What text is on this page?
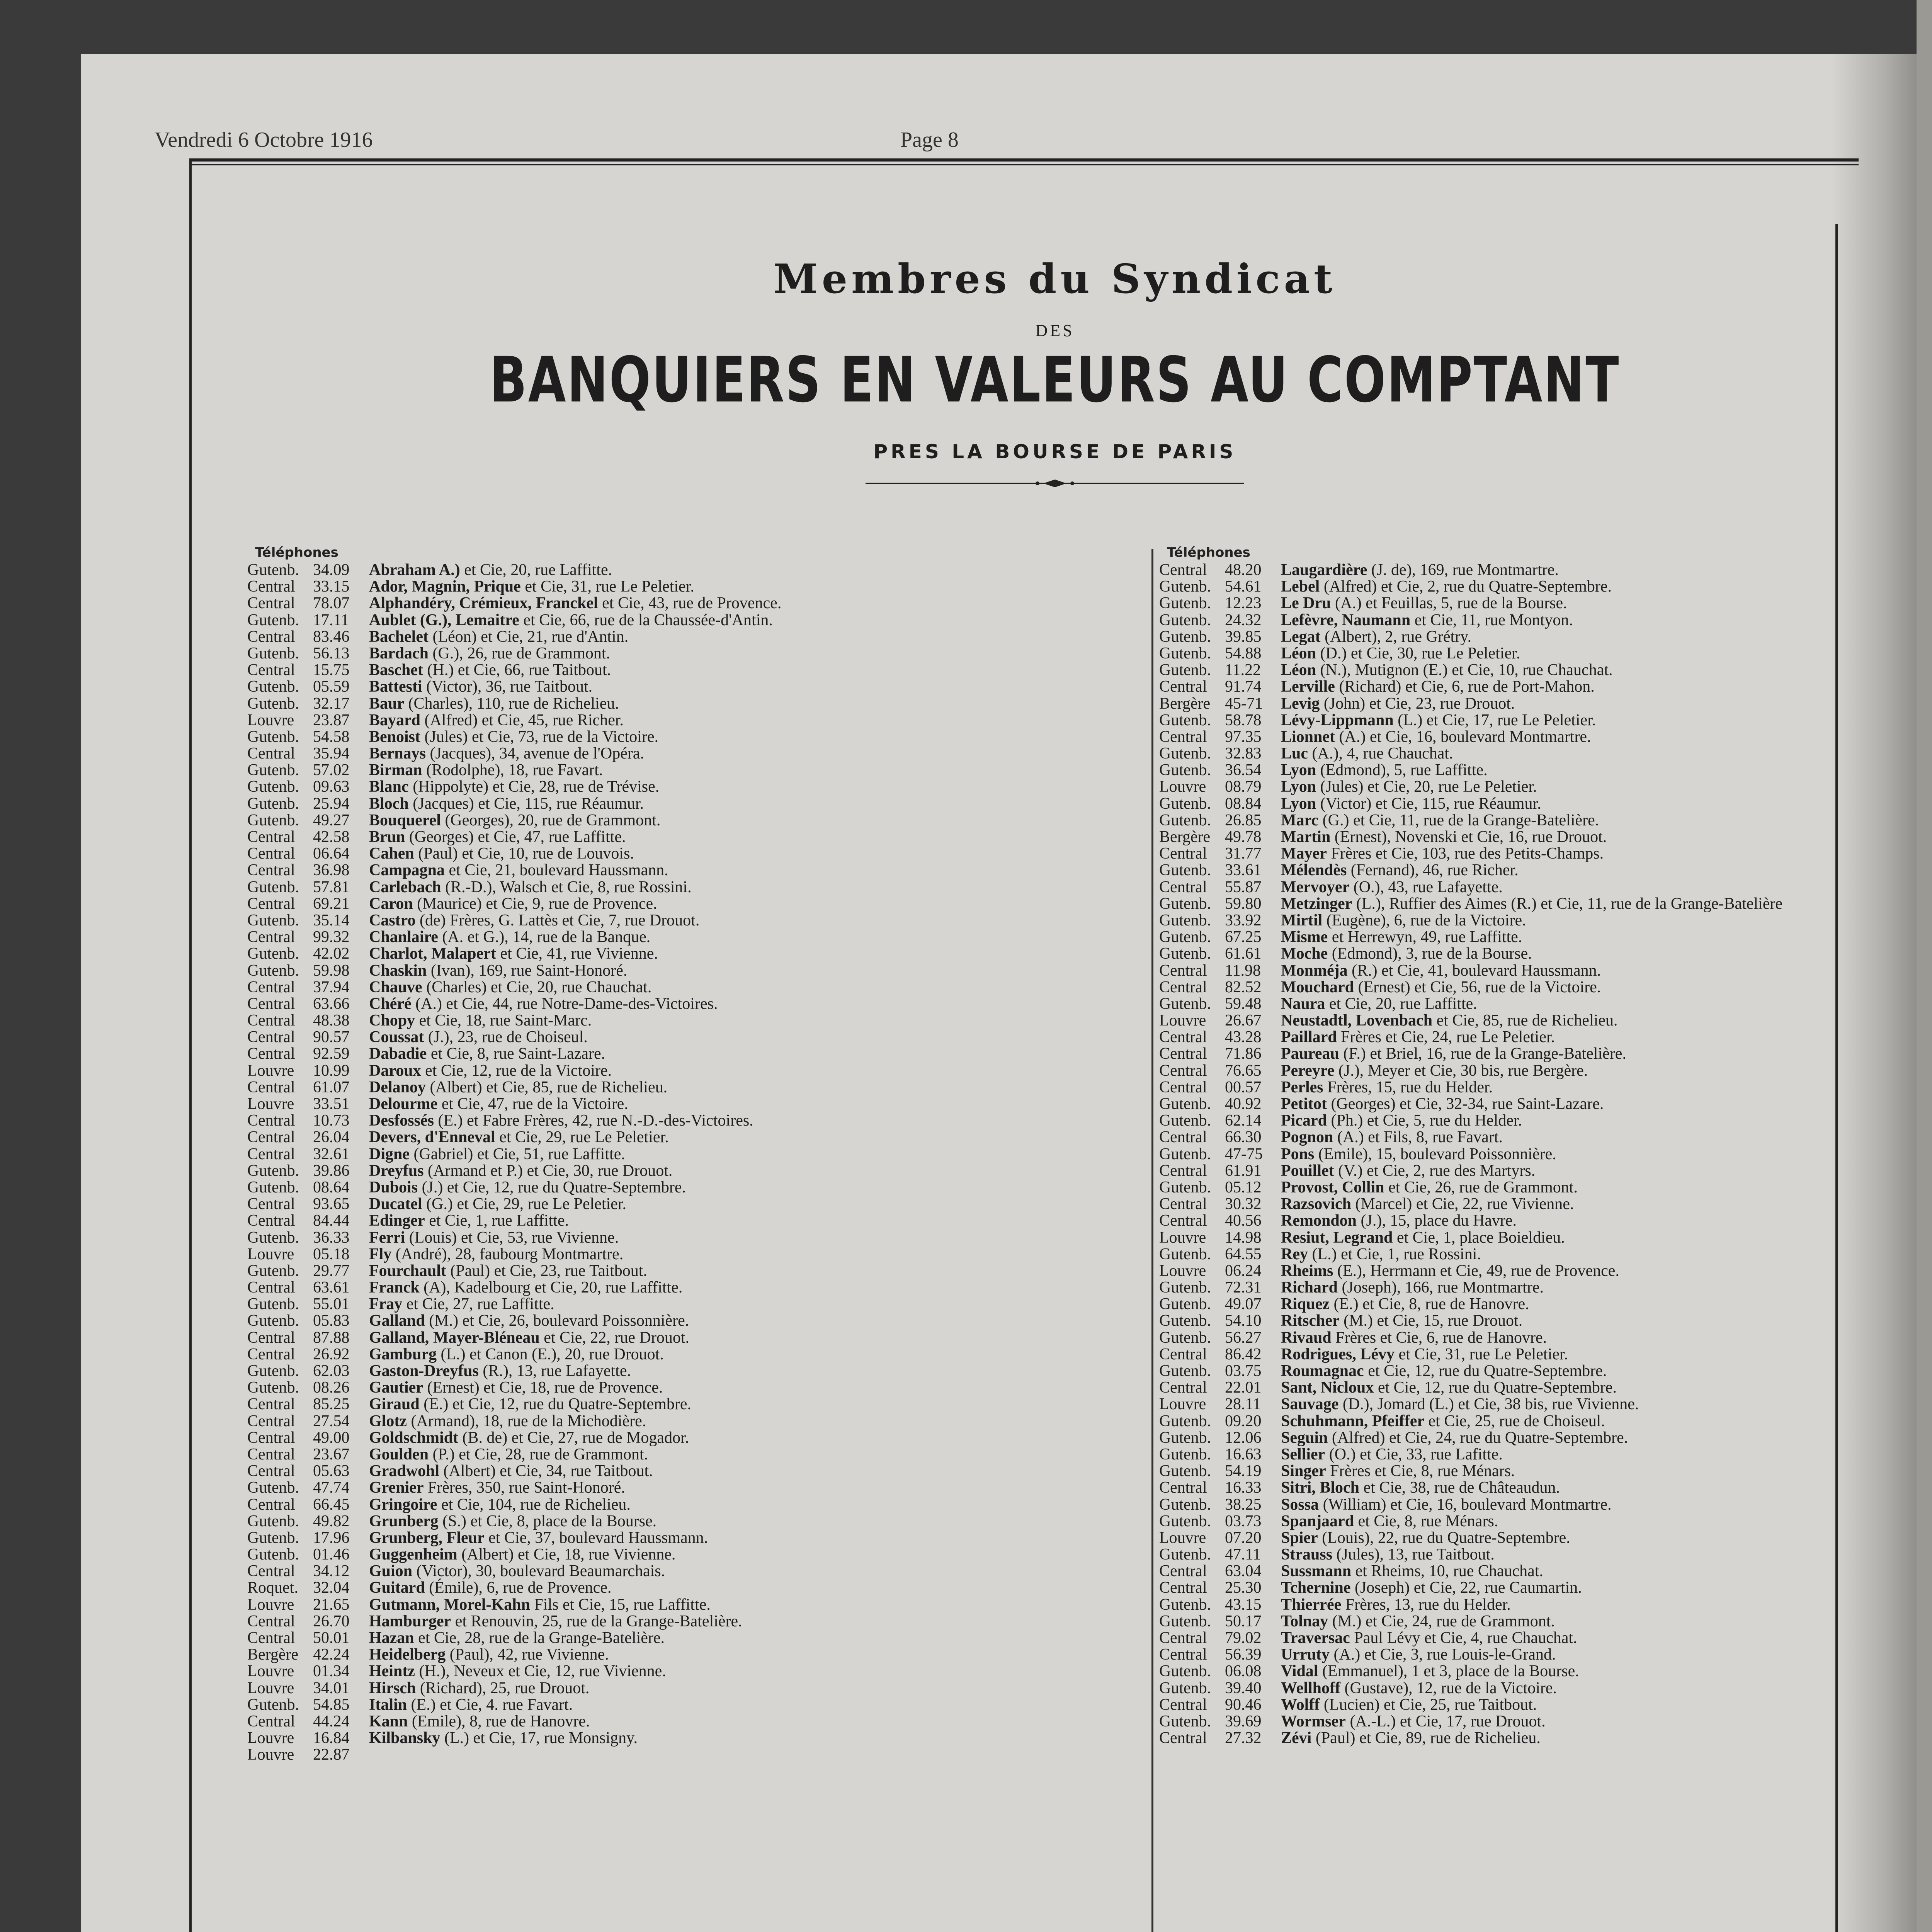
Vendredi 6 Octobre 1916	Page 8
Membres du Syndicat
DES
BANQUIERS EN VALEURS AU COMPTANT
PRES LA BOURSE DE PARIS
Téléphones
Gutenb. 34.09 Abraham A.) et Cie, 20, rue Laffitte.
Central 33.15 Ador, Magnin, Prique et Cie, 31, rue Le Peletier.
Central 78.07 Alphandéry, Crémieux, Franckel et Cie, 43, rue de Provence.
Gutenb. 17.11 Aublet (G.), Lemaitre et Cie, 66, rue de la Chaussée-d'Antin.
Central 83.46 Bachelet (Léon) et Cie, 21, rue d'Antin.
Gutenb. 56.13 Bardach (G.), 26, rue de Grammont.
Central 15.75 Baschet (H.) et Cie, 66, rue Taitbout.
Gutenb. 05.59 Battesti (Victor), 36, rue Taitbout.
Gutenb. 32.17 Baur (Charles), 110, rue de Richelieu.
Louvre 23.87 Bayard (Alfred) et Cie, 45, rue Richer.
Gutenb. 54.58 Benoist (Jules) et Cie, 73, rue de la Victoire.
Central 35.94 Bernays (Jacques), 34, avenue de l'Opéra.
Gutenb. 57.02 Birman (Rodolphe), 18, rue Favart.
Gutenb. 09.63 Blanc (Hippolyte) et Cie, 28, rue de Trévise.
Gutenb. 25.94 Bloch (Jacques) et Cie, 115, rue Réaumur.
Gutenb. 49.27 Bouquerel (Georges), 20, rue de Grammont.
Central 42.58 Brun (Georges) et Cie, 47, rue Laffitte.
Central 06.64 Cahen (Paul) et Cie, 10, rue de Louvois.
Central 36.98 Campagna et Cie, 21, boulevard Haussmann.
Gutenb. 57.81 Carlebach (R.-D.), Walsch et Cie, 8, rue Rossini.
Central 69.21 Caron (Maurice) et Cie, 9, rue de Provence.
Gutenb. 35.14 Castro (de) Frères, G. Lattès et Cie, 7, rue Drouot.
Central 99.32 Chanlaire (A. et G.), 14, rue de la Banque.
Gutenb. 42.02 Charlot, Malapert et Cie, 41, rue Vivienne.
Gutenb. 59.98 Chaskin (Ivan), 169, rue Saint-Honoré.
Central 37.94 Chauve (Charles) et Cie, 20, rue Chauchat.
Central 63.66 Chéré (A.) et Cie, 44, rue Notre-Dame-des-Victoires.
Central 48.38 Chopy et Cie, 18, rue Saint-Marc.
Central 90.57 Coussat (J.), 23, rue de Choiseul.
Central 92.59 Dabadie et Cie, 8, rue Saint-Lazare.
Louvre 10.99 Daroux et Cie, 12, rue de la Victoire.
Central 61.07 Delanoy (Albert) et Cie, 85, rue de Richelieu.
Louvre 33.51 Delourme et Cie, 47, rue de la Victoire.
Central 10.73 Desfossés (E.) et Fabre Frères, 42, rue N.-D.-des-Victoires.
Central 26.04 Devers, d'Enneval et Cie, 29, rue Le Peletier.
Central 32.61 Digne (Gabriel) et Cie, 51, rue Laffitte.
Gutenb. 39.86 Dreyfus (Armand et P.) et Cie, 30, rue Drouot.
Gutenb. 08.64 Dubois (J.) et Cie, 12, rue du Quatre-Septembre.
Central 93.65 Ducatel (G.) et Cie, 29, rue Le Peletier.
Central 84.44 Edinger et Cie, 1, rue Laffitte.
Gutenb. 36.33 Ferri (Louis) et Cie, 53, rue Vivienne.
Louvre 05.18 Fly (André), 28, faubourg Montmartre.
Gutenb. 29.77 Fourchault (Paul) et Cie, 23, rue Taitbout.
Central 63.61 Franck (A), Kadelbourg et Cie, 20, rue Laffitte.
Gutenb. 55.01 Fray et Cie, 27, rue Laffitte.
Gutenb. 05.83 Galland (M.) et Cie, 26, boulevard Poissonnière.
Central 87.88 Galland, Mayer-Bléneau et Cie, 22, rue Drouot.
Central 26.92 Gamburg (L.) et Canon (E.), 20, rue Drouot.
Gutenb. 62.03 Gaston-Dreyfus (R.), 13, rue Lafayette.
Gutenb. 08.26 Gautier (Ernest) et Cie, 18, rue de Provence.
Central 85.25 Giraud (E.) et Cie, 12, rue du Quatre-Septembre.
Central 27.54 Glotz (Armand), 18, rue de la Michodière.
Central 49.00 Goldschmidt (B. de) et Cie, 27, rue de Mogador.
Central 23.67 Goulden (P.) et Cie, 28, rue de Grammont.
Central 05.63 Gradwohl (Albert) et Cie, 34, rue Taitbout.
Gutenb. 47.74 Grenier Frères, 350, rue Saint-Honoré.
Central 66.45 Gringoire et Cie, 104, rue de Richelieu.
Gutenb. 49.82 Grunberg (S.) et Cie, 8, place de la Bourse.
Gutenb. 17.96 Grunberg, Fleur et Cie, 37, boulevard Haussmann.
Gutenb. 01.46 Guggenheim (Albert) et Cie, 18, rue Vivienne.
Central 34.12 Guion (Victor), 30, boulevard Beaumarchais.
Roquet. 32.04 Guitard (Émile), 6, rue de Provence.
Louvre 21.65 Gutmann, Morel-Kahn Fils et Cie, 15, rue Laffitte.
Central 26.70 Hamburger et Renouvin, 25, rue de la Grange-Batelière.
Central 50.01 Hazan et Cie, 28, rue de la Grange-Batelière.
Bergère 42.24 Heidelberg (Paul), 42, rue Vivienne.
Louvre 01.34 Heintz (H.), Neveux et Cie, 12, rue Vivienne.
Louvre 34.01 Hirsch (Richard), 25, rue Drouot.
Gutenb. 54.85 Italin (E.) et Cie, 4. rue Favart.
Central 44.24 Kann (Emile), 8, rue de Hanovre.
Louvre 16.84 Kilbansky (L.) et Cie, 17, rue Monsigny.
Louvre 22.87
Téléphones
Central 48.20 Laugardière (J. de), 169, rue Montmartre.
Gutenb. 54.61 Lebel (Alfred) et Cie, 2, rue du Quatre-Septembre.
Gutenb. 12.23 Le Dru (A.) et Feuillas, 5, rue de la Bourse.
Gutenb. 24.32 Lefèvre, Naumann et Cie, 11, rue Montyon.
Gutenb. 39.85 Legat (Albert), 2, rue Grétry.
Gutenb. 54.88 Léon (D.) et Cie, 30, rue Le Peletier.
Gutenb. 11.22 Léon (N.), Mutignon (E.) et Cie, 10, rue Chauchat.
Central 91.74 Lerville (Richard) et Cie, 6, rue de Port-Mahon.
Bergère 45-71 Levig (John) et Cie, 23, rue Drouot.
Gutenb. 58.78 Lévy-Lippmann (L.) et Cie, 17, rue Le Peletier.
Central 97.35 Lionnet (A.) et Cie, 16, boulevard Montmartre.
Gutenb. 32.83 Luc (A.), 4, rue Chauchat.
Gutenb. 36.54 Lyon (Edmond), 5, rue Laffitte.
Louvre 08.79 Lyon (Jules) et Cie, 20, rue Le Peletier.
Gutenb. 08.84 Lyon (Victor) et Cie, 115, rue Réaumur.
Gutenb. 26.85 Marc (G.) et Cie, 11, rue de la Grange-Batelière.
Bergère 49.78 Martin (Ernest), Novenski et Cie, 16, rue Drouot.
Central 31.77 Mayer Frères et Cie, 103, rue des Petits-Champs.
Gutenb. 33.61 Mélendès (Fernand), 46, rue Richer.
Central 55.87 Mervoyer (O.), 43, rue Lafayette.
Gutenb. 59.80 Metzinger (L.), Ruffier des Aimes (R.) et Cie, 11, rue de la Grange-Batelière
Gutenb. 33.92 Mirtil (Eugène), 6, rue de la Victoire.
Gutenb. 67.25 Misme et Herrewyn, 49, rue Laffitte.
Gutenb. 61.61 Moche (Edmond), 3, rue de la Bourse.
Central 11.98 Monméja (R.) et Cie, 41, boulevard Haussmann.
Central 82.52 Mouchard (Ernest) et Cie, 56, rue de la Victoire.
Gutenb. 59.48 Naura et Cie, 20, rue Laffitte.
Louvre 26.67 Neustadtl, Lovenbach et Cie, 85, rue de Richelieu.
Central 43.28 Paillard Frères et Cie, 24, rue Le Peletier.
Central 71.86 Paureau (F.) et Briel, 16, rue de la Grange-Batelière.
Central 76.65 Pereyre (J.), Meyer et Cie, 30 bis, rue Bergère.
Central 00.57 Perles Frères, 15, rue du Helder.
Gutenb. 40.92 Petitot (Georges) et Cie, 32-34, rue Saint-Lazare.
Gutenb. 62.14 Picard (Ph.) et Cie, 5, rue du Helder.
Central 66.30 Pognon (A.) et Fils, 8, rue Favart.
Gutenb. 47-75 Pons (Emile), 15, boulevard Poissonnière.
Central 61.91 Pouillet (V.) et Cie, 2, rue des Martyrs.
Gutenb. 05.12 Provost, Collin et Cie, 26, rue de Grammont.
Central 30.32 Razsovich (Marcel) et Cie, 22, rue Vivienne.
Central 40.56 Remondon (J.), 15, place du Havre.
Louvre 14.98 Resiut, Legrand et Cie, 1, place Boieldieu.
Gutenb. 64.55 Rey (L.) et Cie, 1, rue Rossini.
Louvre 06.24 Rheims (E.), Herrmann et Cie, 49, rue de Provence.
Gutenb. 72.31 Richard (Joseph), 166, rue Montmartre.
Gutenb. 49.07 Riquez (E.) et Cie, 8, rue de Hanovre.
Gutenb. 54.10 Ritscher (M.) et Cie, 15, rue Drouot.
Gutenb. 56.27 Rivaud Frères et Cie, 6, rue de Hanovre.
Central 86.42 Rodrigues, Lévy et Cie, 31, rue Le Peletier.
Gutenb. 03.75 Roumagnac et Cie, 12, rue du Quatre-Septembre.
Central 22.01 Sant, Nicloux et Cie, 12, rue du Quatre-Septembre.
Louvre 28.11 Sauvage (D.), Jomard (L.) et Cie, 38 bis, rue Vivienne.
Gutenb. 09.20 Schuhmann, Pfeiffer et Cie, 25, rue de Choiseul.
Gutenb. 12.06 Seguin (Alfred) et Cie, 24, rue du Quatre-Septembre.
Gutenb. 16.63 Sellier (O.) et Cie, 33, rue Lafitte.
Gutenb. 54.19 Singer Frères et Cie, 8, rue Ménars.
Central 16.33 Sitri, Bloch et Cie, 38, rue de Châteaudun.
Gutenb. 38.25 Sossa (William) et Cie, 16, boulevard Montmartre.
Gutenb. 03.73 Spanjaard et Cie, 8, rue Ménars.
Louvre 07.20 Spier (Louis), 22, rue du Quatre-Septembre.
Gutenb. 47.11 Strauss (Jules), 13, rue Taitbout.
Central 63.04 Sussmann et Rheims, 10, rue Chauchat.
Central 25.30 Tchernine (Joseph) et Cie, 22, rue Caumartin.
Gutenb. 43.15 Thierrée Frères, 13, rue du Helder.
Gutenb. 50.17 Tolnay (M.) et Cie, 24, rue de Grammont.
Central 79.02 Traversac Paul Lévy et Cie, 4, rue Chauchat.
Central 56.39 Urruty (A.) et Cie, 3, rue Louis-le-Grand.
Gutenb. 06.08 Vidal (Emmanuel), 1 et 3, place de la Bourse.
Gutenb. 39.40 Wellhoff (Gustave), 12, rue de la Victoire.
Central 90.46 Wolff (Lucien) et Cie, 25, rue Taitbout.
Gutenb. 39.69 Wormser (A.-L.) et Cie, 17, rue Drouot.
Central 27.32 Zévi (Paul) et Cie, 89, rue de Richelieu.
